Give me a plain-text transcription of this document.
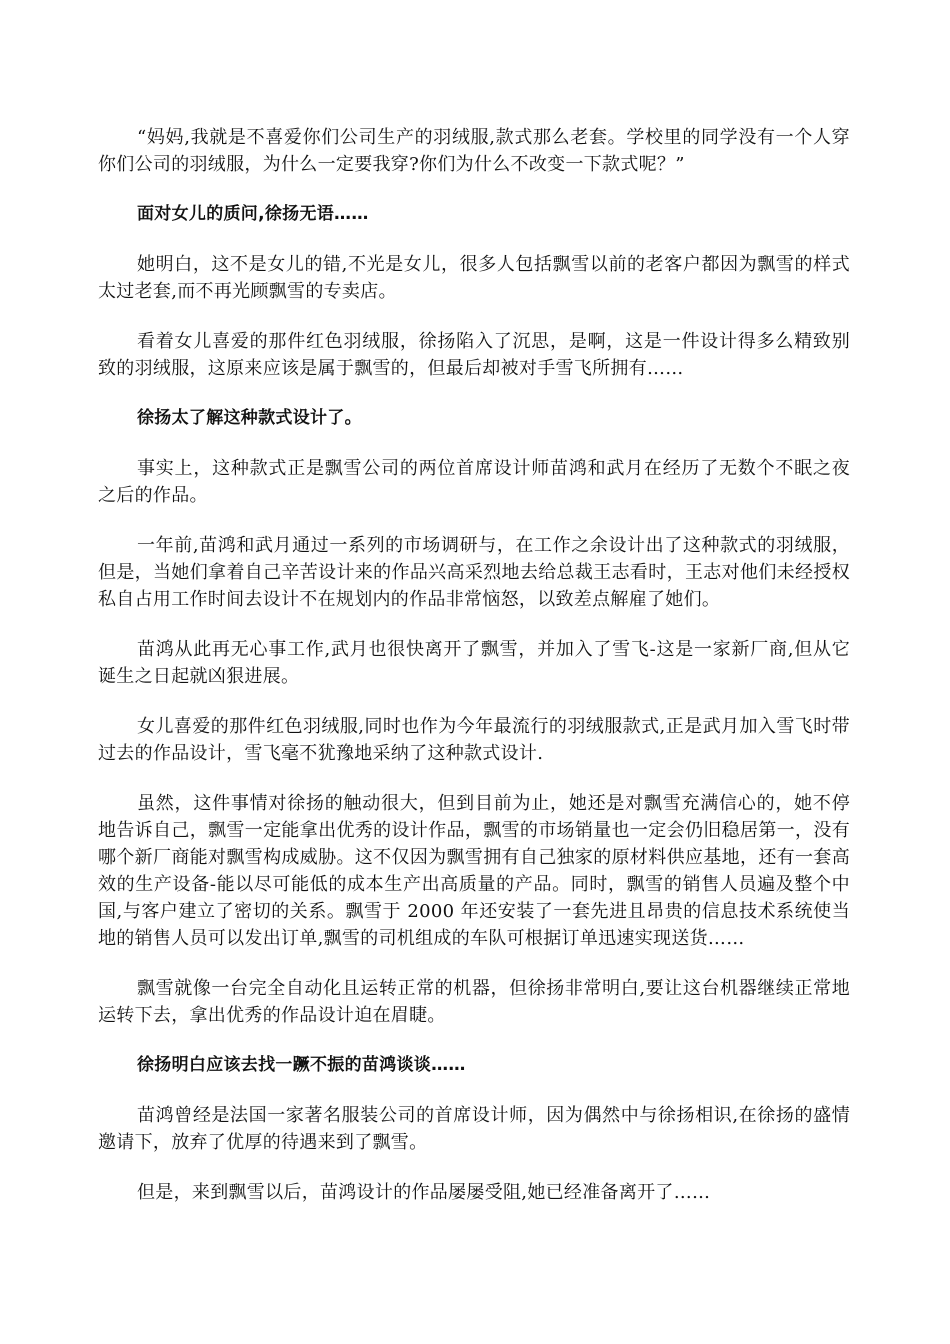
“妈妈,我就是不喜爱你们公司生产的羽绒服,款式那么老套。学校里的同学没有一个人穿你们公司的羽绒服，为什么一定要我穿?你们为什么不改变一下款式呢？”

面对女儿的质问,徐扬无语……

她明白，这不是女儿的错,不光是女儿，很多人包括飘雪以前的老客户都因为飘雪的样式太过老套,而不再光顾飘雪的专卖店。

看着女儿喜爱的那件红色羽绒服，徐扬陷入了沉思，是啊，这是一件设计得多么精致别致的羽绒服，这原来应该是属于飘雪的，但最后却被对手雪飞所拥有……

徐扬太了解这种款式设计了。

事实上，这种款式正是飘雪公司的两位首席设计师苗鸿和武月在经历了无数个不眠之夜之后的作品。

一年前,苗鸿和武月通过一系列的市场调研与，在工作之余设计出了这种款式的羽绒服，但是，当她们拿着自己辛苦设计来的作品兴高采烈地去给总裁王志看时，王志对他们未经授权私自占用工作时间去设计不在规划内的作品非常恼怒，以致差点解雇了她们。

苗鸿从此再无心事工作,武月也很快离开了飘雪，并加入了雪飞-这是一家新厂商,但从它诞生之日起就凶狠进展。

女儿喜爱的那件红色羽绒服,同时也作为今年最流行的羽绒服款式,正是武月加入雪飞时带过去的作品设计，雪飞毫不犹豫地采纳了这种款式设计.

虽然，这件事情对徐扬的触动很大，但到目前为止，她还是对飘雪充满信心的，她不停地告诉自己，飘雪一定能拿出优秀的设计作品，飘雪的市场销量也一定会仍旧稳居第一，没有哪个新厂商能对飘雪构成威胁。这不仅因为飘雪拥有自己独家的原材料供应基地，还有一套高效的生产设备-能以尽可能低的成本生产出高质量的产品。同时，飘雪的销售人员遍及整个中国,与客户建立了密切的关系。飘雪于 2000 年还安装了一套先进且昂贵的信息技术系统使当地的销售人员可以发出订单,飘雪的司机组成的车队可根据订单迅速实现送货……

飘雪就像一台完全自动化且运转正常的机器，但徐扬非常明白,要让这台机器继续正常地运转下去，拿出优秀的作品设计迫在眉睫。

徐扬明白应该去找一蹶不振的苗鸿谈谈……

苗鸿曾经是法国一家著名服装公司的首席设计师，因为偶然中与徐扬相识,在徐扬的盛情邀请下，放弃了优厚的待遇来到了飘雪。

但是，来到飘雪以后，苗鸿设计的作品屡屡受阻,她已经准备离开了……
